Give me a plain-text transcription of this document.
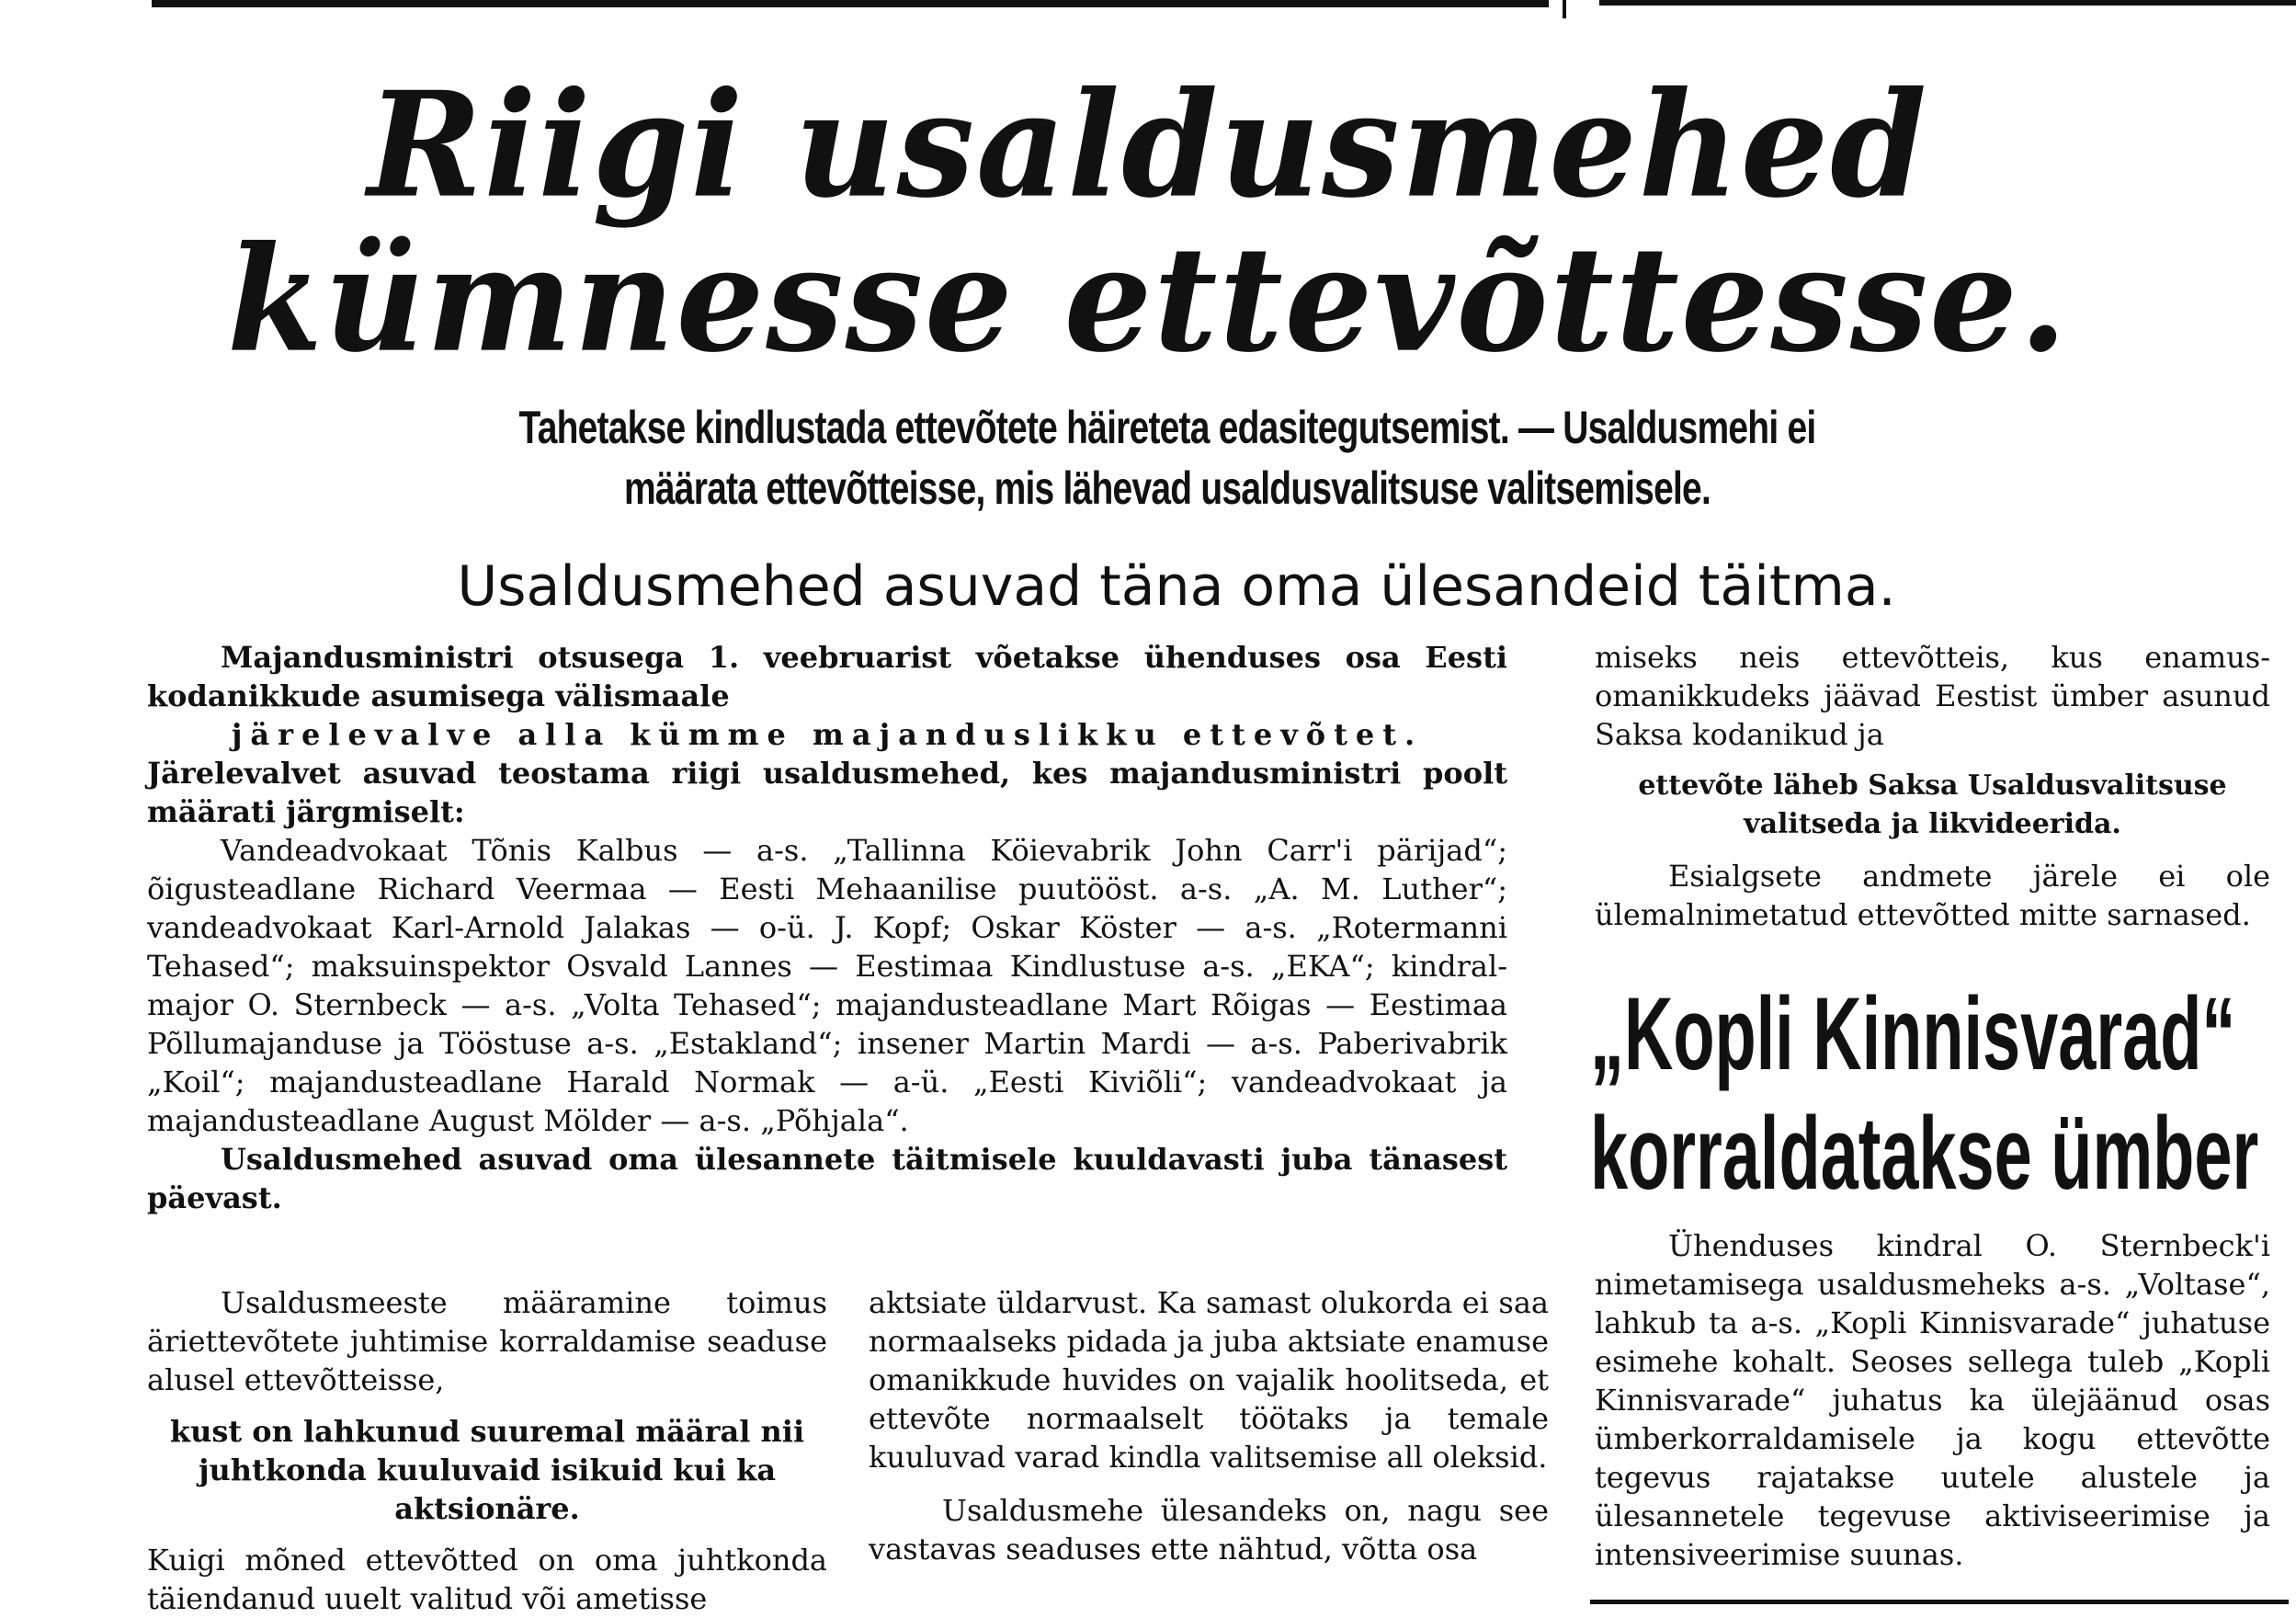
Riigi usaldusmehed
kümnesse ettevõttesse.
Tahetakse kindlustada ettevõtete häireteta edasitegutsemist. — Usaldusmehi ei
määrata ettevõtteisse, mis lähevad usaldusvalitsuse valitsemisele.
Usaldusmehed asuvad täna oma ülesandeid täitma.

Majandusministri otsusega 1. veebruarist võetakse ühenduses osa Eesti kodanikkude asumisega välismaale

järelevalve alla kümme majanduslikku ettevõtet.

Järelevalvet asuvad teostama riigi usaldusmehed, kes majandusministri poolt määrati järgmiselt:

Vandeadvokaat Tõnis Kalbus — a-s. „Tallinna Köievabrik John Carr'i pärijad“; õigusteadlane Richard Veermaa — Eesti Mehaanilise puutööst. a-s. „A. M. Luther“; vandeadvokaat Karl-Arnold Jalakas — o-ü. J. Kopf; Oskar Köster — a-s. „Rotermanni Tehased“; maksuinspektor Osvald Lannes — Eestimaa Kindlustuse a-s. „EKA“; kindral-major O. Sternbeck — a-s. „Volta Tehased“; majandusteadlane Mart Rõigas — Eestimaa Põllumajanduse ja Tööstuse a-s. „Estakland“; insener Martin Mardi — a-s. Paberivabrik „Koil“; majandusteadlane Harald Normak — a-ü. „Eesti Kiviõli“; vandeadvokaat ja majandusteadlane August Mölder — a-s. „Põhjala“.

Usaldusmehed asuvad oma ülesannete täitmisele kuuldavasti juba tänasest päevast.

Usaldusmeeste määramine toimus äriettevõtete juhtimise korraldamise seaduse alusel ettevõtteisse,

kust on lahkunud suuremal määral nii juhtkonda kuuluvaid isikuid kui ka aktsionäre.

Kuigi mõned ettevõtted on oma juhtkonda täiendanud uuelt valitud või ametisse

aktsiate üldarvust. Ka samast olukorda ei saa normaalseks pidada ja juba aktsiate enamuse omanikkude huvides on vajalik hoolitseda, et ettevõte normaalselt töötaks ja temale kuuluvad varad kindla valitsemise all oleksid.

Usaldusmehe ülesandeks on, nagu see vastavas seaduses ette nähtud, võtta osa

miseks neis ettevõtteis, kus enamus-omanikkudeks jäävad Eestist ümber asunud Saksa kodanikud ja

ettevõte läheb Saksa Usaldusvalitsuse valitseda ja likvideerida.

Esialgsete andmete järele ei ole ülemalnimetatud ettevõtted mitte sarnased.

„Kopli Kinnisvarad“
korraldatakse ümber

Ühenduses kindral O. Sternbeck'i nimetamisega usaldusmeheks a-s. „Voltase“, lahkub ta a-s. „Kopli Kinnisvarade“ juhatuse esimehe kohalt. Seoses sellega tuleb „Kopli Kinnisvarade“ juhatus ka ülejäänud osas ümberkorraldamisele ja kogu ettevõtte tegevus rajatakse uutele alustele ja ülesannetele tegevuse aktiviseerimise ja intensiveerimise suunas.
